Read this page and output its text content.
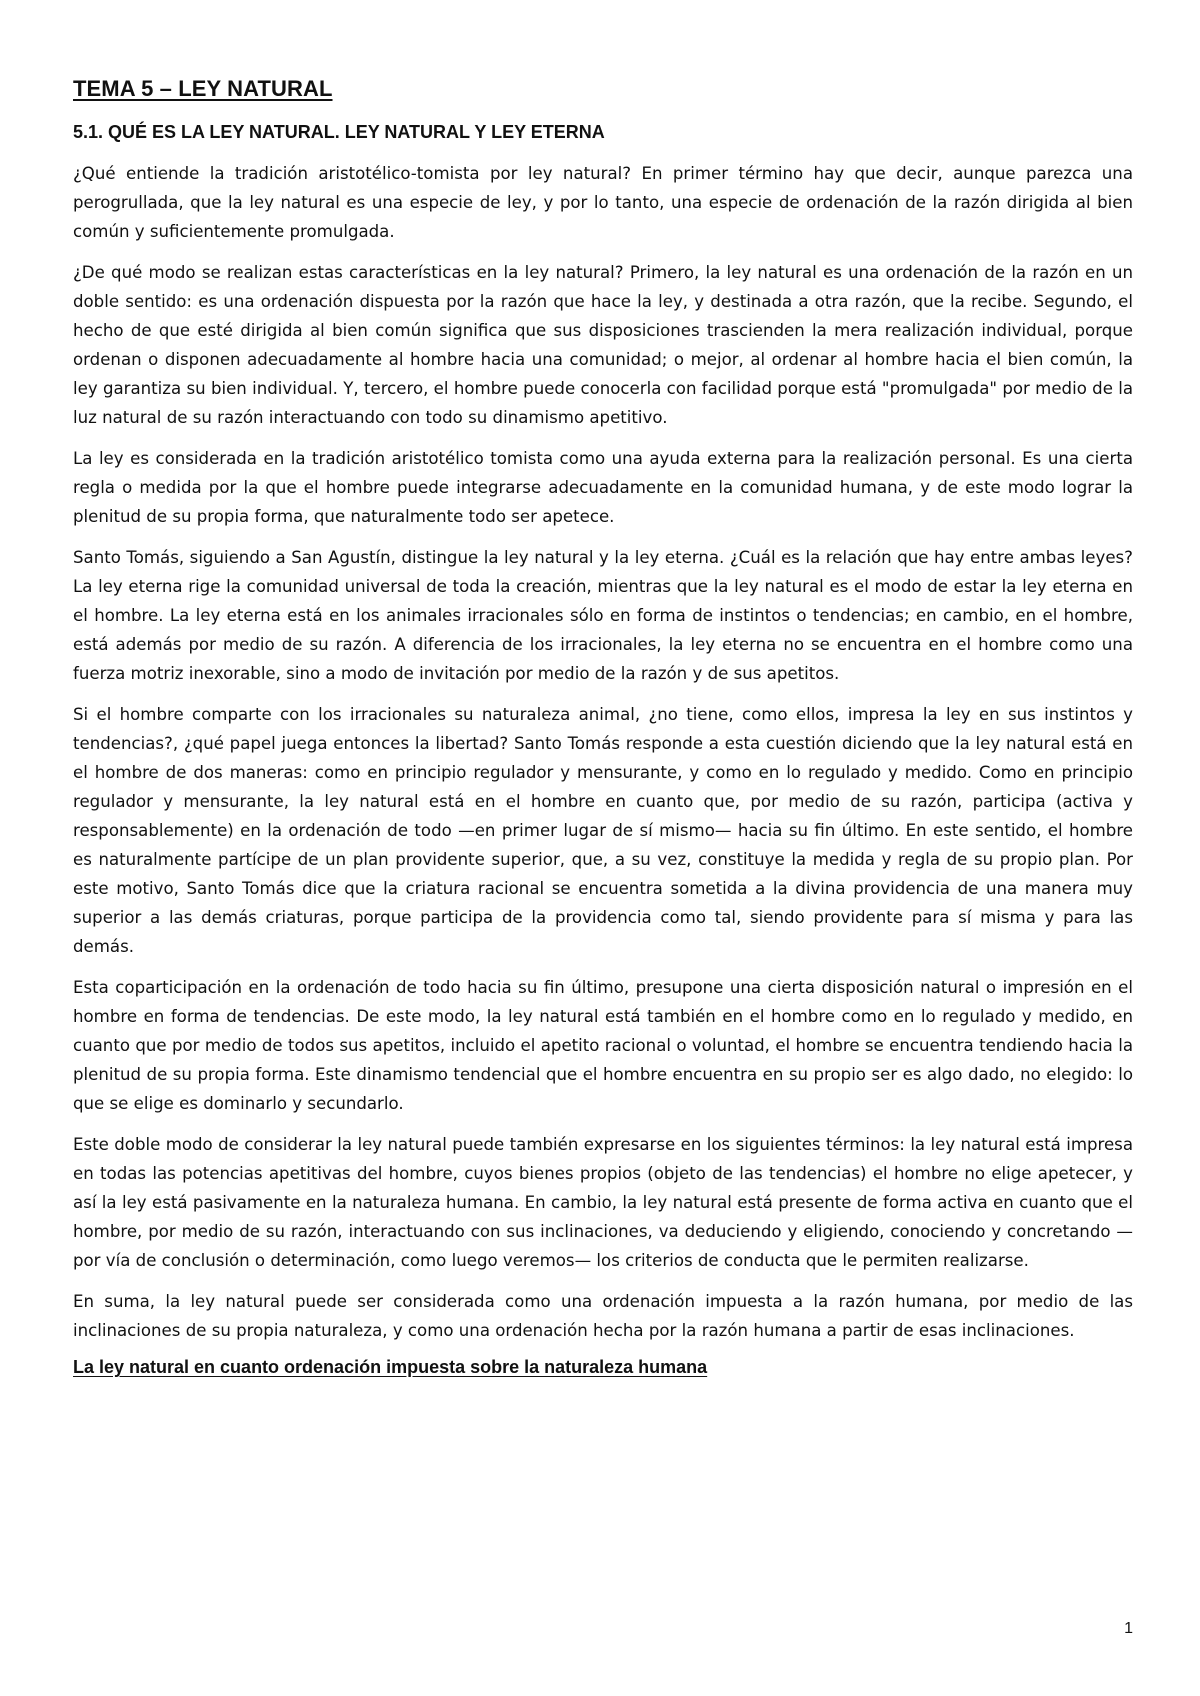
TEMA 5 – LEY NATURAL
5.1. QUÉ ES LA LEY NATURAL. LEY NATURAL Y LEY ETERNA

¿Qué entiende la tradición aristotélico-tomista por ley natural? En primer término hay que decir, aunque parezca una perogrullada, que la ley natural es una especie de ley, y por lo tanto, una especie de ordenación de la razón dirigida al bien común y suficientemente promulgada.

¿De qué modo se realizan estas características en la ley natural? Primero, la ley natural es una ordenación de la razón en un doble sentido: es una ordenación dispuesta por la razón que hace la ley, y destinada a otra razón, que la recibe. Segundo, el hecho de que esté dirigida al bien común significa que sus disposiciones trascienden la mera realización individual, porque ordenan o disponen adecuadamente al hombre hacia una comunidad; o mejor, al ordenar al hombre hacia el bien común, la ley garantiza su bien individual. Y, tercero, el hombre puede conocerla con facilidad porque está "promulgada" por medio de la luz natural de su razón interactuando con todo su dinamismo apetitivo.

La ley es considerada en la tradición aristotélico tomista como una ayuda externa para la realización personal. Es una cierta regla o medida por la que el hombre puede integrarse adecuadamente en la comunidad humana, y de este modo lograr la plenitud de su propia forma, que naturalmente todo ser apetece.

Santo Tomás, siguiendo a San Agustín, distingue la ley natural y la ley eterna. ¿Cuál es la relación que hay entre ambas leyes? La ley eterna rige la comunidad universal de toda la creación, mientras que la ley natural es el modo de estar la ley eterna en el hombre. La ley eterna está en los animales irracionales sólo en forma de instintos o tendencias; en cambio, en el hombre, está además por medio de su razón. A diferencia de los irracionales, la ley eterna no se encuentra en el hombre como una fuerza motriz inexorable, sino a modo de invitación por medio de la razón y de sus apetitos.

Si el hombre comparte con los irracionales su naturaleza animal, ¿no tiene, como ellos, impresa la ley en sus instintos y tendencias?, ¿qué papel juega entonces la libertad? Santo Tomás responde a esta cuestión diciendo que la ley natural está en el hombre de dos maneras: como en principio regulador y mensurante, y como en lo regulado y medido. Como en principio regulador y mensurante, la ley natural está en el hombre en cuanto que, por medio de su razón, participa (activa y responsablemente) en la ordenación de todo —en primer lugar de sí mismo— hacia su fin último. En este sentido, el hombre es naturalmente partícipe de un plan providente superior, que, a su vez, constituye la medida y regla de su propio plan. Por este motivo, Santo Tomás dice que la criatura racional se encuentra sometida a la divina providencia de una manera muy superior a las demás criaturas, porque participa de la providencia como tal, siendo providente para sí misma y para las demás.

Esta coparticipación en la ordenación de todo hacia su fin último, presupone una cierta disposición natural o impresión en el hombre en forma de tendencias. De este modo, la ley natural está también en el hombre como en lo regulado y medido, en cuanto que por medio de todos sus apetitos, incluido el apetito racional o voluntad, el hombre se encuentra tendiendo hacia la plenitud de su propia forma. Este dinamismo tendencial que el hombre encuentra en su propio ser es algo dado, no elegido: lo que se elige es dominarlo y secundarlo.

Este doble modo de considerar la ley natural puede también expresarse en los siguientes términos: la ley natural está impresa en todas las potencias apetitivas del hombre, cuyos bienes propios (objeto de las tendencias) el hombre no elige apetecer, y así la ley está pasivamente en la naturaleza humana. En cambio, la ley natural está presente de forma activa en cuanto que el hombre, por medio de su razón, interactuando con sus inclinaciones, va deduciendo y eligiendo, conociendo y concretando — por vía de conclusión o determinación, como luego veremos— los criterios de conducta que le permiten realizarse.

En suma, la ley natural puede ser considerada como una ordenación impuesta a la razón humana, por medio de las inclinaciones de su propia naturaleza, y como una ordenación hecha por la razón humana a partir de esas inclinaciones.

La ley natural en cuanto ordenación impuesta sobre la naturaleza humana
1
